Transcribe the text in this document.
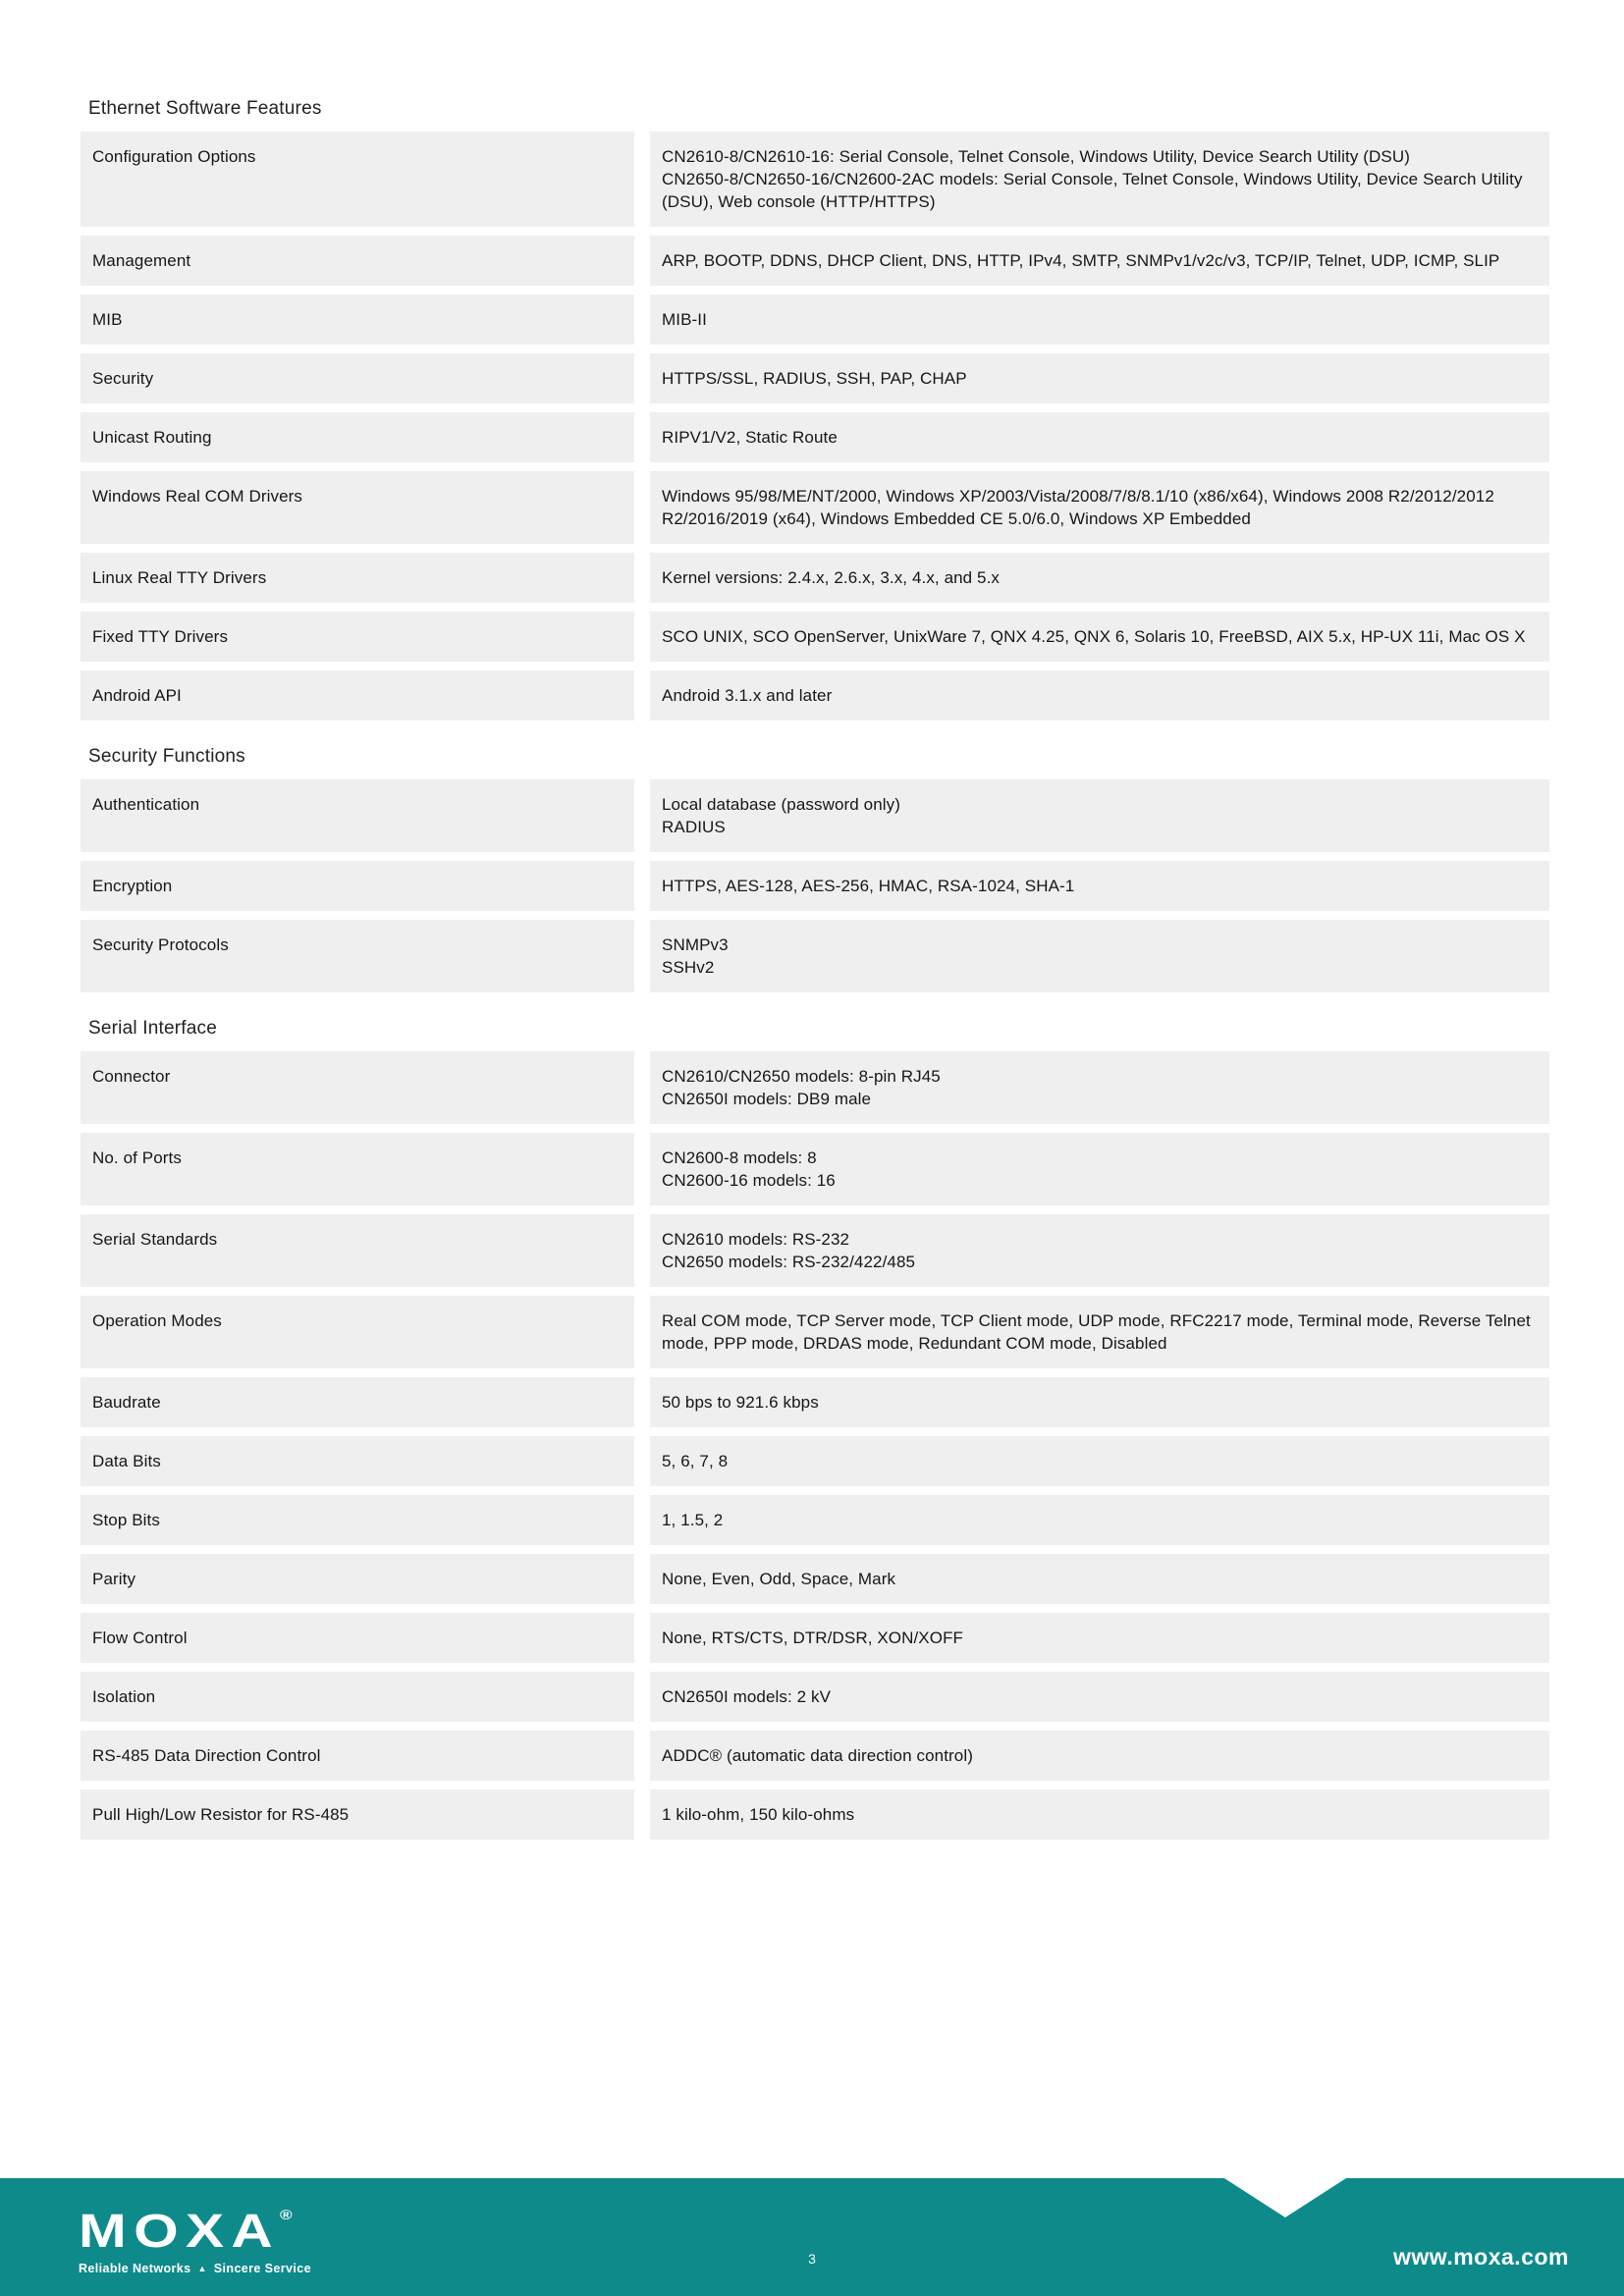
Ethernet Software Features
Configuration Options	CN2610-8/CN2610-16: Serial Console, Telnet Console, Windows Utility, Device Search Utility (DSU)
CN2650-8/CN2650-16/CN2600-2AC models: Serial Console, Telnet Console, Windows Utility, Device Search Utility (DSU), Web console (HTTP/HTTPS)
Management	ARP, BOOTP, DDNS, DHCP Client, DNS, HTTP, IPv4, SMTP, SNMPv1/v2c/v3, TCP/IP, Telnet, UDP, ICMP, SLIP
MIB	MIB-II
Security	HTTPS/SSL, RADIUS, SSH, PAP, CHAP
Unicast Routing	RIPV1/V2, Static Route
Windows Real COM Drivers	Windows 95/98/ME/NT/2000, Windows XP/2003/Vista/2008/7/8/8.1/10 (x86/x64), Windows 2008 R2/2012/2012 R2/2016/2019 (x64), Windows Embedded CE 5.0/6.0, Windows XP Embedded
Linux Real TTY Drivers	Kernel versions: 2.4.x, 2.6.x, 3.x, 4.x, and 5.x
Fixed TTY Drivers	SCO UNIX, SCO OpenServer, UnixWare 7, QNX 4.25, QNX 6, Solaris 10, FreeBSD, AIX 5.x, HP-UX 11i, Mac OS X
Android API	Android 3.1.x and later
Security Functions
Authentication	Local database (password only)
RADIUS
Encryption	HTTPS, AES-128, AES-256, HMAC, RSA-1024, SHA-1
Security Protocols	SNMPv3
SSHv2
Serial Interface
Connector	CN2610/CN2650 models: 8-pin RJ45
CN2650I models: DB9 male
No. of Ports	CN2600-8 models: 8
CN2600-16 models: 16
Serial Standards	CN2610 models: RS-232
CN2650 models: RS-232/422/485
Operation Modes	Real COM mode, TCP Server mode, TCP Client mode, UDP mode, RFC2217 mode, Terminal mode, Reverse Telnet mode, PPP mode, DRDAS mode, Redundant COM mode, Disabled
Baudrate	50 bps to 921.6 kbps
Data Bits	5, 6, 7, 8
Stop Bits	1, 1.5, 2
Parity	None, Even, Odd, Space, Mark
Flow Control	None, RTS/CTS, DTR/DSR, XON/XOFF
Isolation	CN2650I models: 2 kV
RS-485 Data Direction Control	ADDC® (automatic data direction control)
Pull High/Low Resistor for RS-485	1 kilo-ohm, 150 kilo-ohms
MOXA®
Reliable Networks ▲ Sincere Service
3	www.moxa.com
